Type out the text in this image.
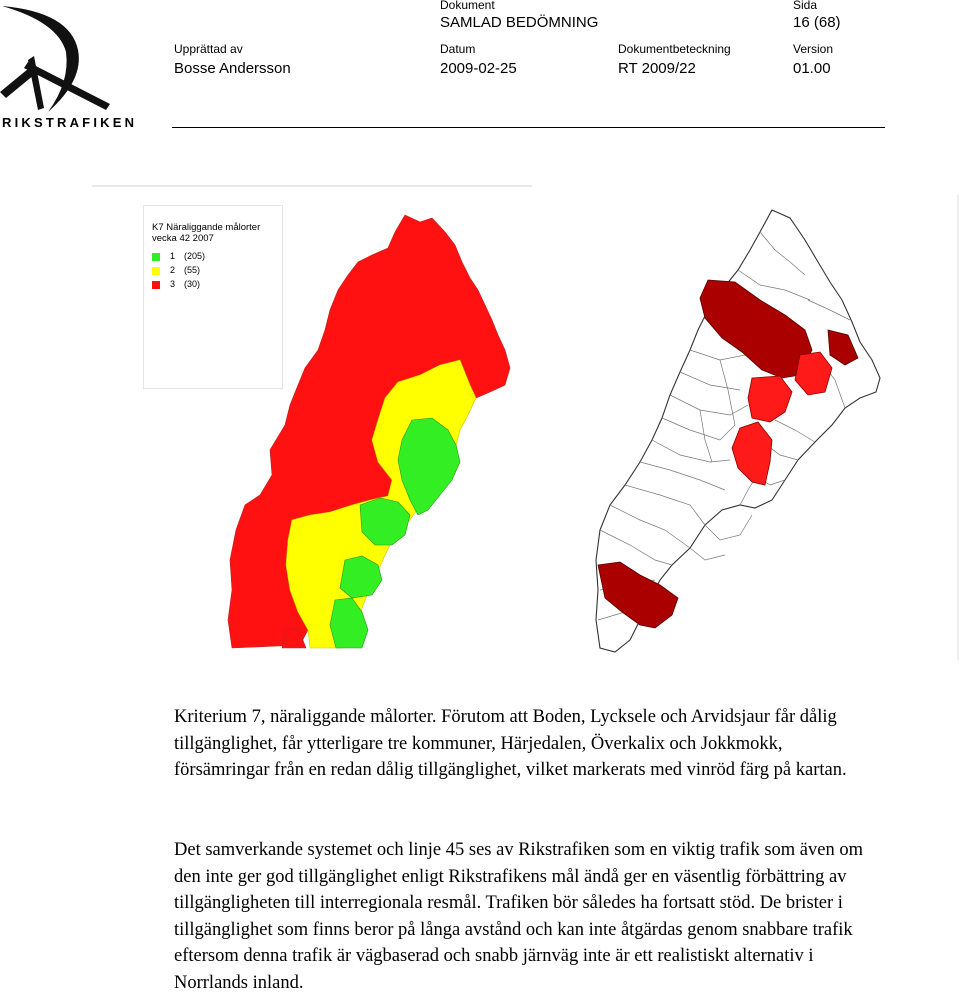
RIKSTRAFIKEN
Dokument
SAMLAD BEDÖMNING
Sida
16 (68)
Upprättad av
Bosse Andersson
Datum
2009-02-25
Dokumentbeteckning
RT 2009/22
Version
01.00
K7 Näraliggande målorter
vecka 42 2007
1 (205)
2 (55)
3 (30)
Kriterium 7, näraliggande målorter. Förutom att Boden, Lycksele och Arvidsjaur får dålig tillgänglighet, får ytterligare tre kommuner, Härjedalen, Överkalix och Jokkmokk, försämringar från en redan dålig tillgänglighet, vilket markerats med vinröd färg på kartan.
Det samverkande systemet och linje 45 ses av Rikstrafiken som en viktig trafik som även om den inte ger god tillgänglighet enligt Rikstrafikens mål ändå ger en väsentlig förbättring av tillgängligheten till interregionala resmål. Trafiken bör således ha fortsatt stöd. De brister i tillgänglighet som finns beror på långa avstånd och kan inte åtgärdas genom snabbare trafik eftersom denna trafik är vägbaserad och snabb järnväg inte är ett realistiskt alternativ i Norrlands inland.
